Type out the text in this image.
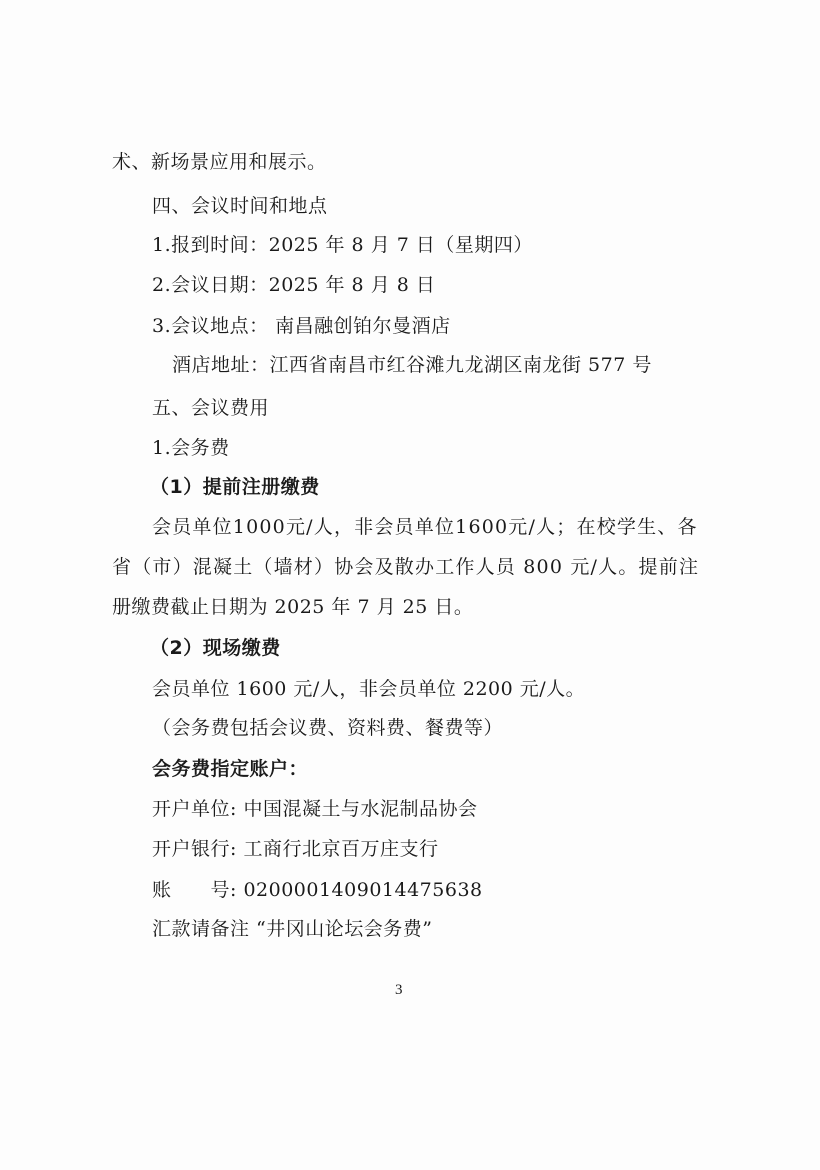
术、新场景应用和展示。
四、会议时间和地点
1.报到时间：2025 年 8 月 7 日（星期四）
2.会议日期：2025 年 8 月 8 日
3.会议地点： 南昌融创铂尔曼酒店
酒店地址：江西省南昌市红谷滩九龙湖区南龙街 577 号
五、会议费用
1.会务费
（1）提前注册缴费
会员单位1000元/人，非会员单位1600元/人；在校学生、各
省（市）混凝土（墙材）协会及散办工作人员 800 元/人。提前注
册缴费截止日期为 2025 年 7 月 25 日。
（2）现场缴费
会员单位 1600 元/人，非会员单位 2200 元/人。
（会务费包括会议费、资料费、餐费等）
会务费指定账户：
开户单位: 中国混凝土与水泥制品协会
开户银行: 工商行北京百万庄支行
账　　号: 0200001409014475638
汇款请备注 “井冈山论坛会务费”
3
